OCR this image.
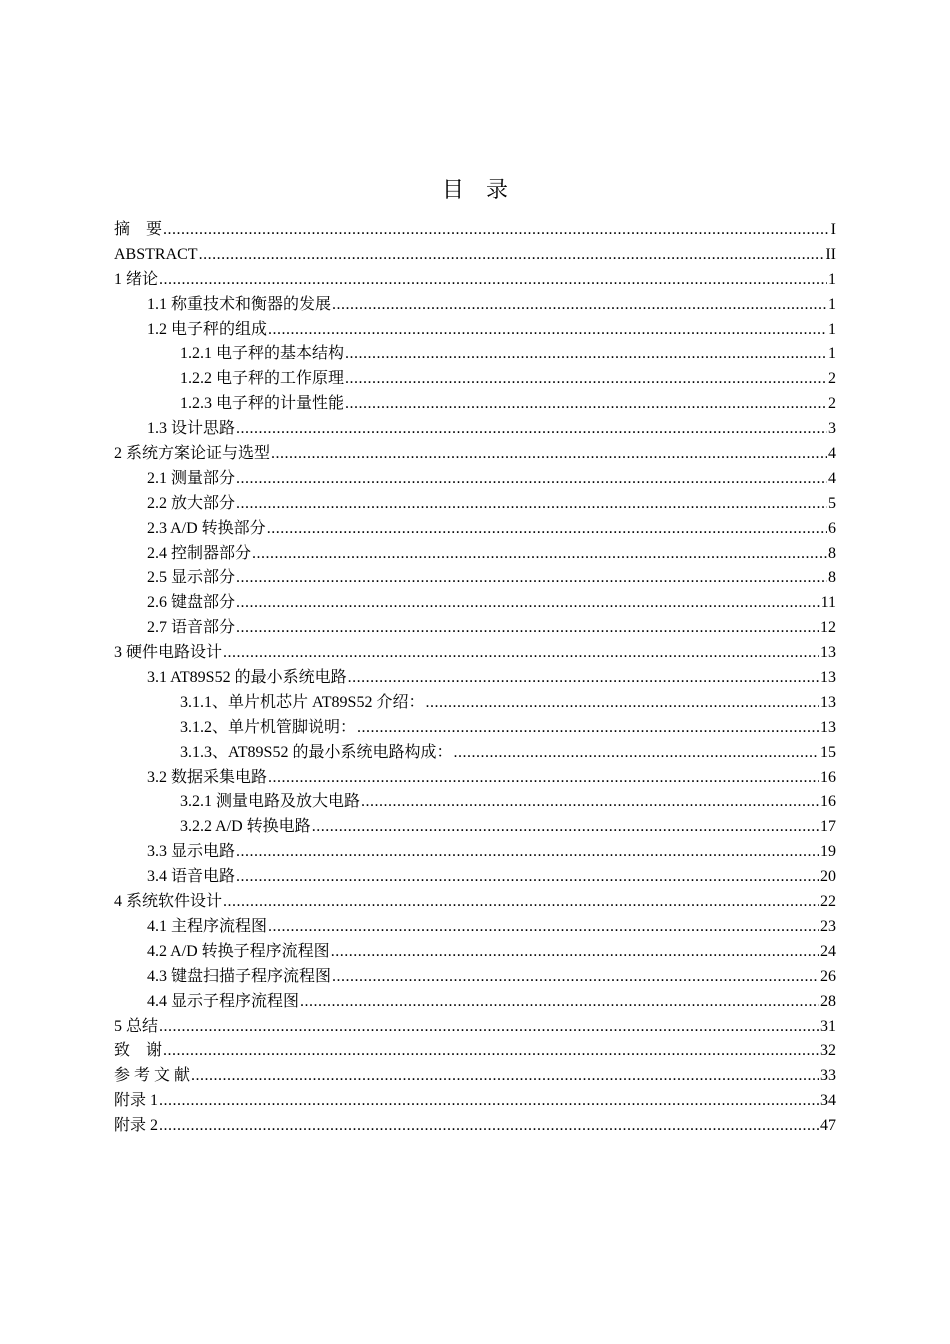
目　录
摘　要 .....	I
ABSTRACT .....	II
1 绪论 .....	1
1.1 称重技术和衡器的发展 .....	1
1.2 电子秤的组成 .....	1
1.2.1 电子秤的基本结构 .....	1
1.2.2 电子秤的工作原理 .....	2
1.2.3 电子秤的计量性能 .....	2
1.3 设计思路 .....	3
2 系统方案论证与选型 .....	4
2.1 测量部分 .....	4
2.2 放大部分 .....	5
2.3 A/D 转换部分 .....	6
2.4 控制器部分 .....	8
2.5 显示部分 .....	8
2.6 键盘部分 .....	11
2.7 语音部分 .....	12
3 硬件电路设计 .....	13
3.1 AT89S52 的最小系统电路 .....	13
3.1.1、单片机芯片 AT89S52 介绍： .....	13
3.1.2、单片机管脚说明： .....	13
3.1.3、AT89S52 的最小系统电路构成： .....	15
3.2 数据采集电路 .....	16
3.2.1 测量电路及放大电路 .....	16
3.2.2 A/D 转换电路 .....	17
3.3 显示电路 .....	19
3.4 语音电路 .....	20
4 系统软件设计 .....	22
4.1 主程序流程图 .....	23
4.2 A/D 转换子程序流程图 .....	24
4.3 键盘扫描子程序流程图 .....	26
4.4 显示子程序流程图 .....	28
5 总结 .....	31
致　谢 .....	32
参 考 文 献 .....	33
附录 1 .....	34
附录 2 .....	47
